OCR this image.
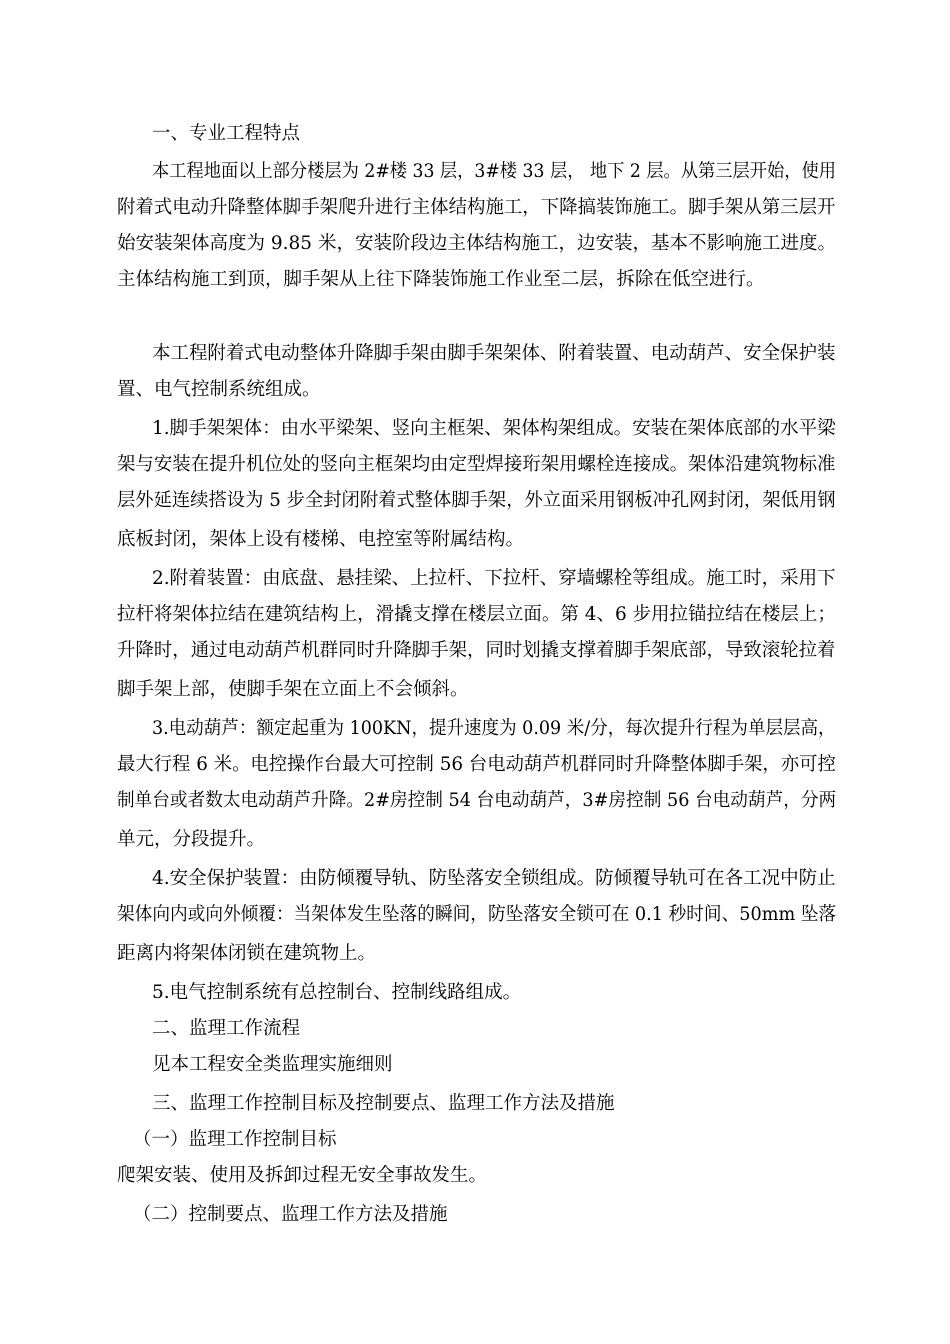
一、专业工程特点
本工程地面以上部分楼层为 2#楼 33 层，3#楼 33 层， 地下 2 层。从第三层开始，使用
附着式电动升降整体脚手架爬升进行主体结构施工，下降搞装饰施工。脚手架从第三层开
始安装架体高度为 9.85 米，安装阶段边主体结构施工，边安装，基本不影响施工进度。
主体结构施工到顶，脚手架从上往下降装饰施工作业至二层，拆除在低空进行。
本工程附着式电动整体升降脚手架由脚手架架体、附着装置、电动葫芦、安全保护装
置、电气控制系统组成。
1.脚手架架体：由水平梁架、竖向主框架、架体构架组成。安装在架体底部的水平梁
架与安装在提升机位处的竖向主框架均由定型焊接珩架用螺栓连接成。架体沿建筑物标准
层外延连续搭设为 5 步全封闭附着式整体脚手架，外立面采用钢板冲孔网封闭，架低用钢
底板封闭，架体上设有楼梯、电控室等附属结构。
2.附着装置：由底盘、悬挂梁、上拉杆、下拉杆、穿墙螺栓等组成。施工时，采用下
拉杆将架体拉结在建筑结构上，滑撬支撑在楼层立面。第 4、6 步用拉锚拉结在楼层上；
升降时，通过电动葫芦机群同时升降脚手架，同时划撬支撑着脚手架底部，导致滚轮拉着
脚手架上部，使脚手架在立面上不会倾斜。
3.电动葫芦：额定起重为 100KN，提升速度为 0.09 米/分，每次提升行程为单层层高，
最大行程 6 米。电控操作台最大可控制 56 台电动葫芦机群同时升降整体脚手架，亦可控
制单台或者数太电动葫芦升降。2#房控制 54 台电动葫芦，3#房控制 56 台电动葫芦，分两
单元，分段提升。
4.安全保护装置：由防倾覆导轨、防坠落安全锁组成。防倾覆导轨可在各工况中防止
架体向内或向外倾覆：当架体发生坠落的瞬间，防坠落安全锁可在 0.1 秒时间、50mm 坠落
距离内将架体闭锁在建筑物上。
5.电气控制系统有总控制台、控制线路组成。
二、监理工作流程
见本工程安全类监理实施细则
三、监理工作控制目标及控制要点、监理工作方法及措施
（一）监理工作控制目标
爬架安装、使用及拆卸过程无安全事故发生。
（二）控制要点、监理工作方法及措施
